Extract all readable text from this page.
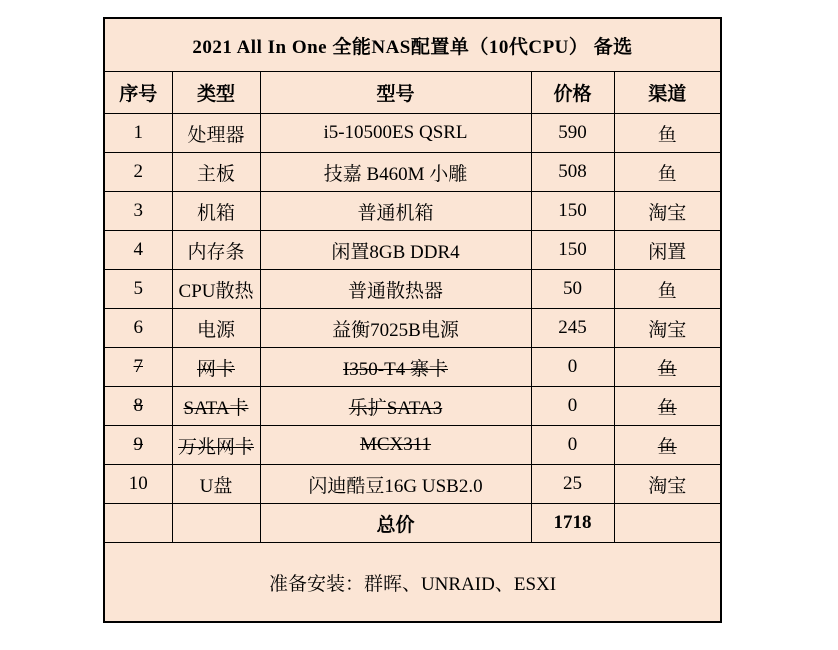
2021 All In One 全能NAS配置单（10代CPU） 备选				
序号	类型	型号	价格	渠道
1	处理器	i5-10500ES QSRL	590	鱼
2	主板	技嘉 B460M 小雕	508	鱼
3	机箱	普通机箱	150	淘宝
4	内存条	闲置8GB DDR4	150	闲置
5	CPU散热	普通散热器	50	鱼
6	电源	益衡7025B电源	245	淘宝
7	网卡	I350-T4 寨卡	0	鱼
8	SATA卡	乐扩SATA3	0	鱼
9	万兆网卡	MCX311	0	鱼
10	U盘	闪迪酷豆16G USB2.0	25	淘宝
		总价	1718	
准备安装：群晖、UNRAID、ESXI				
